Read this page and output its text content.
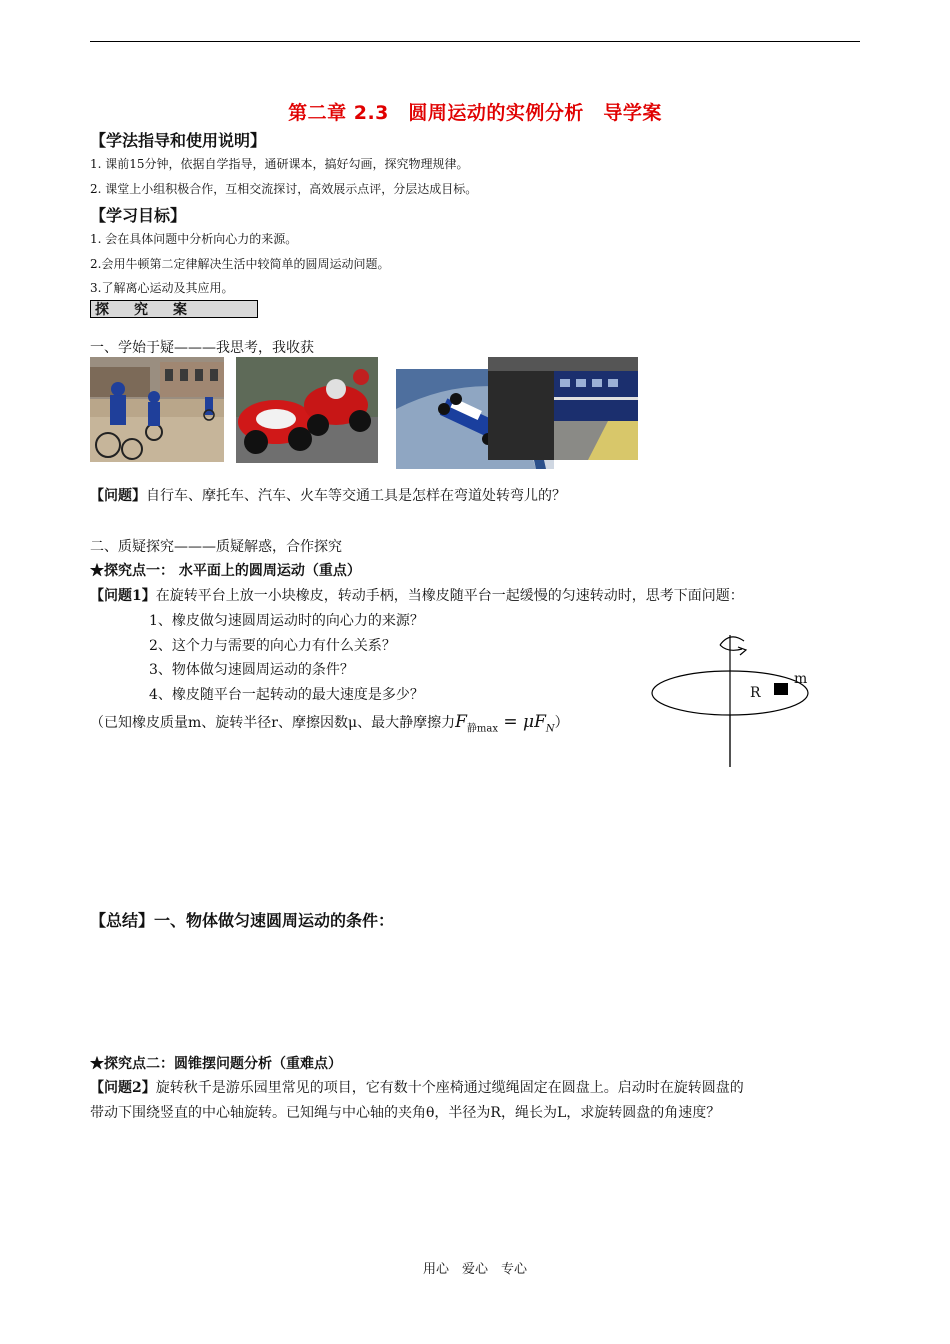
第二章 2.3　圆周运动的实例分析　导学案
【学法指导和使用说明】
1. 课前15分钟，依据自学指导，通研课本，搞好勾画，探究物理规律。
2. 课堂上小组积极合作，互相交流探讨，高效展示点评，分层达成目标。
【学习目标】
1. 会在具体问题中分析向心力的来源。
2.会用牛顿第二定律解决生活中较简单的圆周运动问题。
3.了解离心运动及其应用。
探究案
一、学始于疑———我思考，我收获
【问题】自行车、摩托车、汽车、火车等交通工具是怎样在弯道处转弯儿的？
二、质疑探究———质疑解惑，合作探究
★探究点一： 水平面上的圆周运动（重点）
【问题1】在旋转平台上放一小块橡皮，转动手柄，当橡皮随平台一起缓慢的匀速转动时，思考下面问题：
1、橡皮做匀速圆周运动时的向心力的来源？
2、这个力与需要的向心力有什么关系？
3、物体做匀速圆周运动的条件？
4、橡皮随平台一起转动的最大速度是多少？
（已知橡皮质量m、旋转半径r、摩擦因数μ、最大静摩擦力$F_{静max} = \mu F_N$）
R
m
【总结】一、物体做匀速圆周运动的条件：
★探究点二：圆锥摆问题分析（重难点）
【问题2】旋转秋千是游乐园里常见的项目，它有数十个座椅通过缆绳固定在圆盘上。启动时在旋转圆盘的
带动下围绕竖直的中心轴旋转。已知绳与中心轴的夹角θ，半径为R，绳长为L，求旋转圆盘的角速度？
用心　爱心　专心
